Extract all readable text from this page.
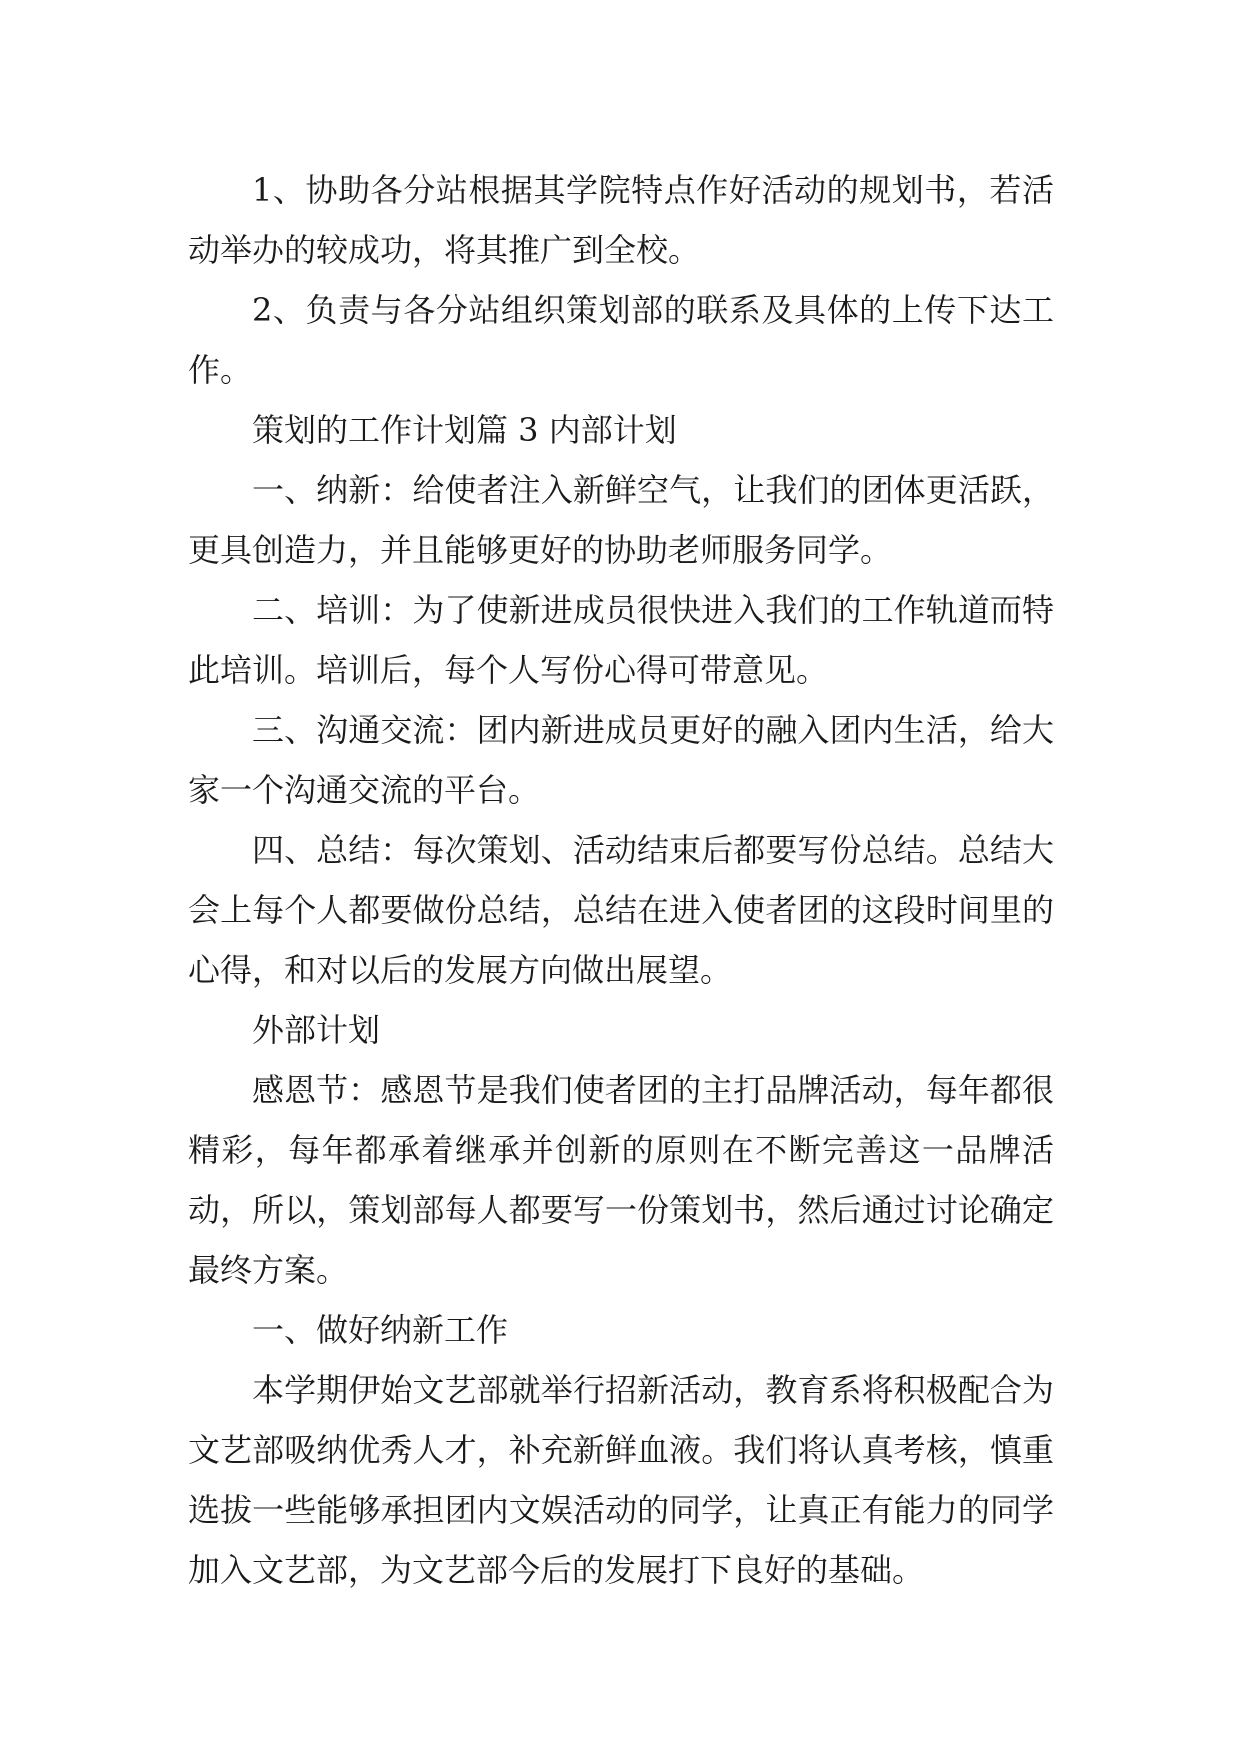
1、协助各分站根据其学院特点作好活动的规划书，若活动举办的较成功，将其推广到全校。

2、负责与各分站组织策划部的联系及具体的上传下达工作。

策划的工作计划篇 3 内部计划

一、纳新：给使者注入新鲜空气，让我们的团体更活跃，更具创造力，并且能够更好的协助老师服务同学。

二、培训：为了使新进成员很快进入我们的工作轨道而特此培训。培训后，每个人写份心得可带意见。

三、沟通交流：团内新进成员更好的融入团内生活，给大家一个沟通交流的平台。

四、总结：每次策划、活动结束后都要写份总结。总结大会上每个人都要做份总结，总结在进入使者团的这段时间里的心得，和对以后的发展方向做出展望。

外部计划

感恩节：感恩节是我们使者团的主打品牌活动，每年都很精彩，每年都承着继承并创新的原则在不断完善这一品牌活动，所以，策划部每人都要写一份策划书，然后通过讨论确定最终方案。

一、做好纳新工作

本学期伊始文艺部就举行招新活动，教育系将积极配合为文艺部吸纳优秀人才，补充新鲜血液。我们将认真考核，慎重选拔一些能够承担团内文娱活动的同学，让真正有能力的同学加入文艺部，为文艺部今后的发展打下良好的基础。
